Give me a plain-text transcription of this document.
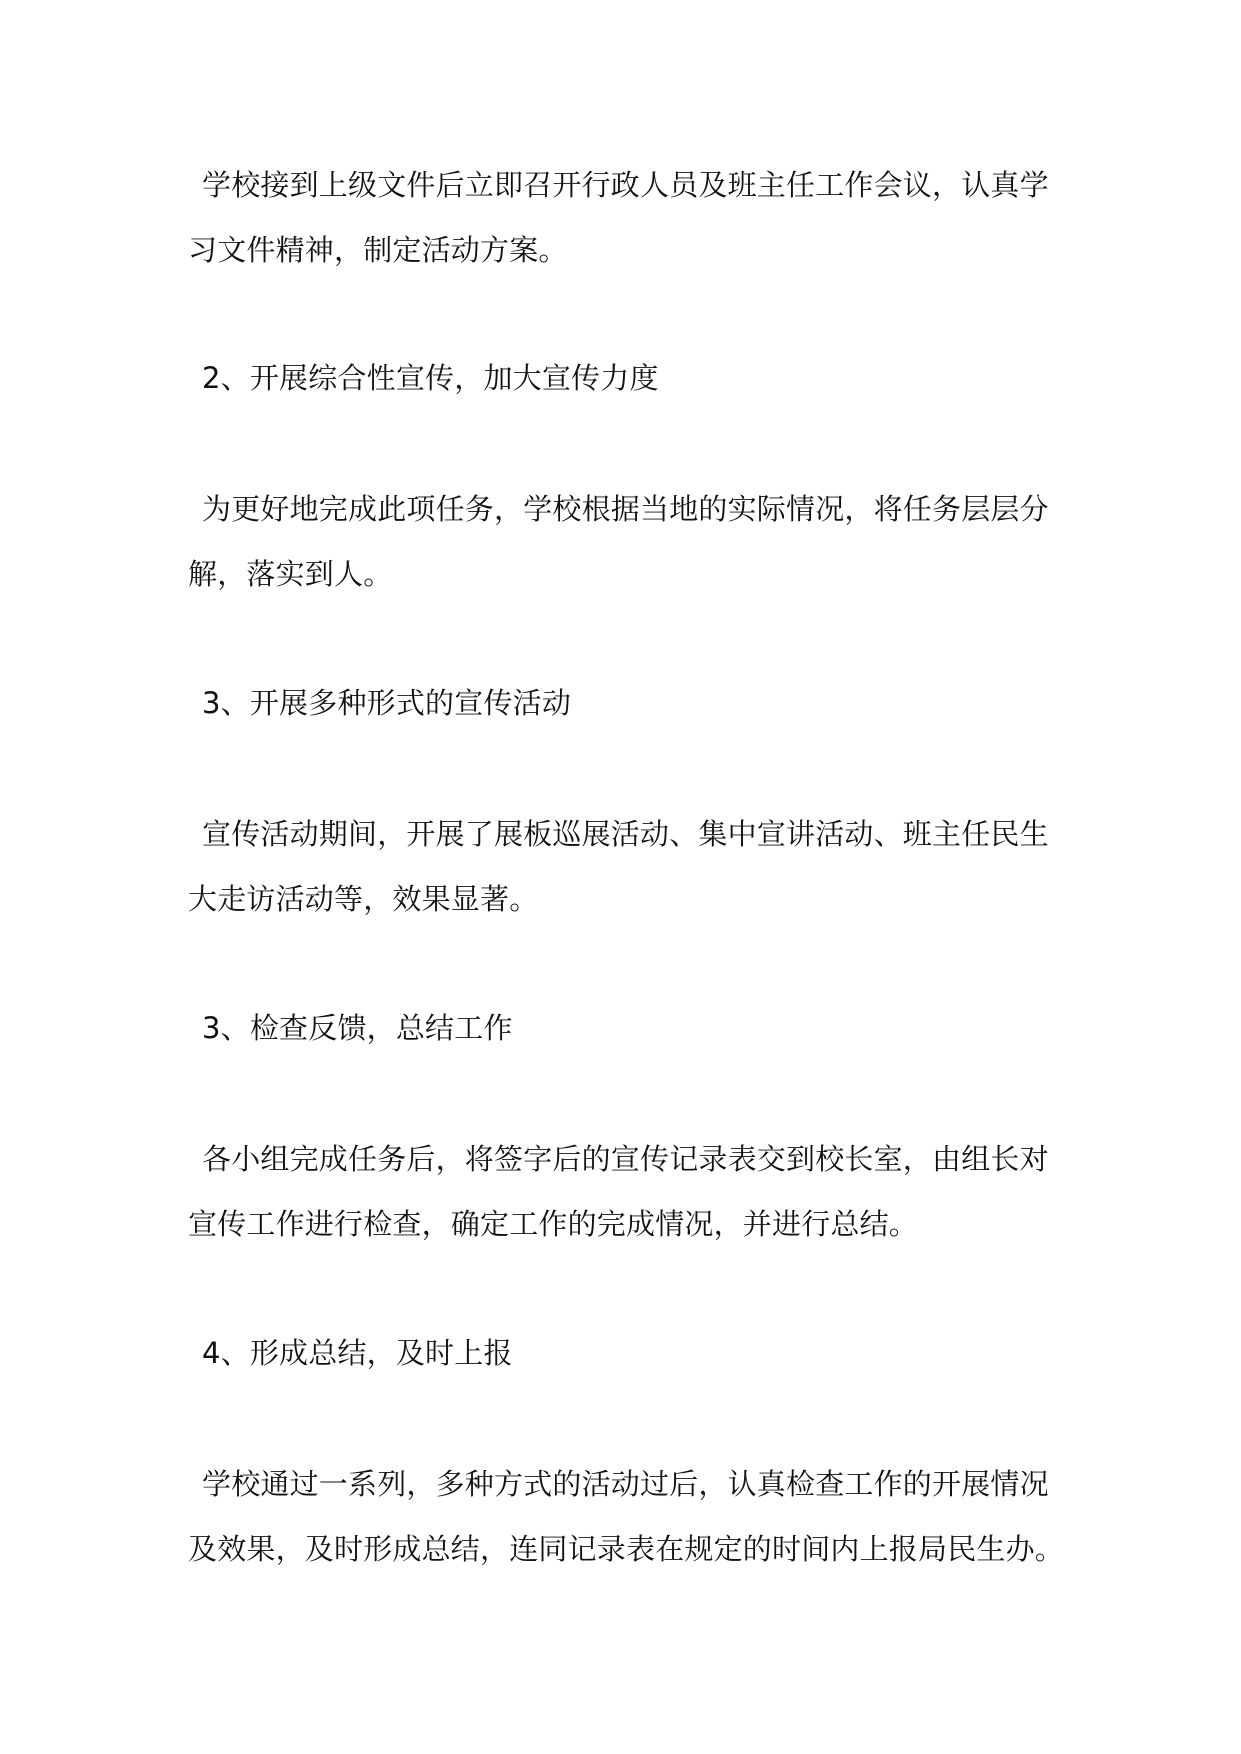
学校接到上级文件后立即召开行政人员及班主任工作会议，认真学习文件精神，制定活动方案。

2、开展综合性宣传，加大宣传力度

为更好地完成此项任务，学校根据当地的实际情况，将任务层层分解，落实到人。

3、开展多种形式的宣传活动

宣传活动期间，开展了展板巡展活动、集中宣讲活动、班主任民生大走访活动等，效果显著。

3、检查反馈，总结工作

各小组完成任务后，将签字后的宣传记录表交到校长室，由组长对宣传工作进行检查，确定工作的完成情况，并进行总结。

4、形成总结，及时上报

学校通过一系列，多种方式的活动过后，认真检查工作的开展情况及效果，及时形成总结，连同记录表在规定的时间内上报局民生办。
